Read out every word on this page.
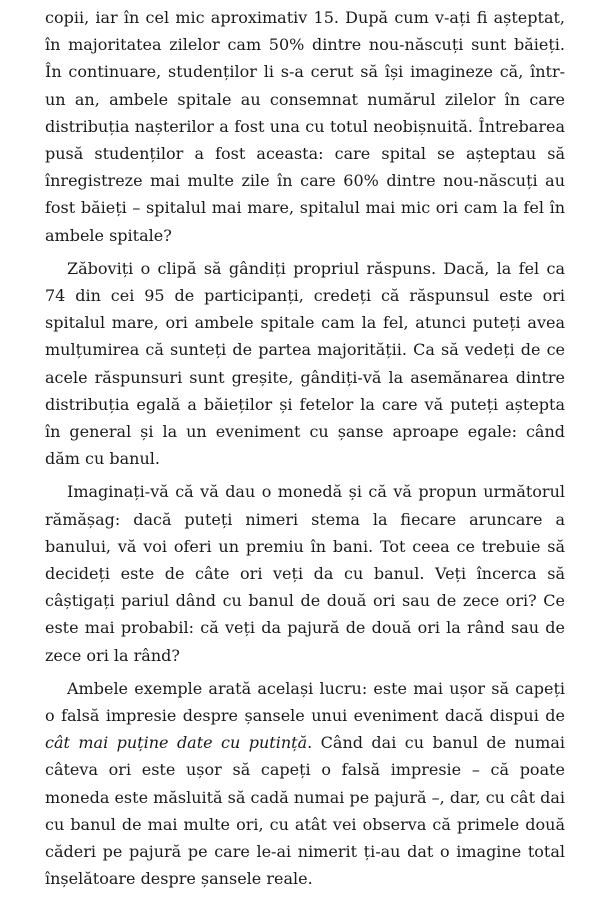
copii, iar în cel mic aproximativ 15. După cum v-ați fi așteptat, în majoritatea zilelor cam 50% dintre nou-născuți sunt băieți. În continuare, studenților li s-a cerut să își imagineze că, într-un an, ambele spitale au consemnat numărul zilelor în care distribuția nașterilor a fost una cu totul neobișnuită. Întrebarea pusă studenților a fost aceasta: care spital se așteptau să înregistreze mai multe zile în care 60% dintre nou-născuți au fost băieți – spitalul mai mare, spitalul mai mic ori cam la fel în ambele spitale?

Zăboviți o clipă să gândiți propriul răspuns. Dacă, la fel ca 74 din cei 95 de participanți, credeți că răspunsul este ori spitalul mare, ori ambele spitale cam la fel, atunci puteți avea mulțumirea că sunteți de partea majorității. Ca să vedeți de ce acele răspunsuri sunt greșite, gândiți-vă la asemănarea dintre distribuția egală a băieților și fetelor la care vă puteți aștepta în general și la un eveniment cu șanse aproape egale: când dăm cu banul.

Imaginați-vă că vă dau o monedă și că vă propun următorul rămășag: dacă puteți nimeri stema la fiecare aruncare a banului, vă voi oferi un premiu în bani. Tot ceea ce trebuie să decideți este de câte ori veți da cu banul. Veți încerca să câștigați pariul dând cu banul de două ori sau de zece ori? Ce este mai probabil: că veți da pajură de două ori la rând sau de zece ori la rând?

Ambele exemple arată același lucru: este mai ușor să capeți o falsă impresie despre șansele unui eveniment dacă dispui de cât mai puține date cu putință. Când dai cu banul de numai câteva ori este ușor să capeți o falsă impresie – că poate moneda este măsluită să cadă numai pe pajură –, dar, cu cât dai cu banul de mai multe ori, cu atât vei observa că primele două căderi pe pajură pe care le-ai nimerit ți-au dat o imagine total înșelătoare despre șansele reale.
